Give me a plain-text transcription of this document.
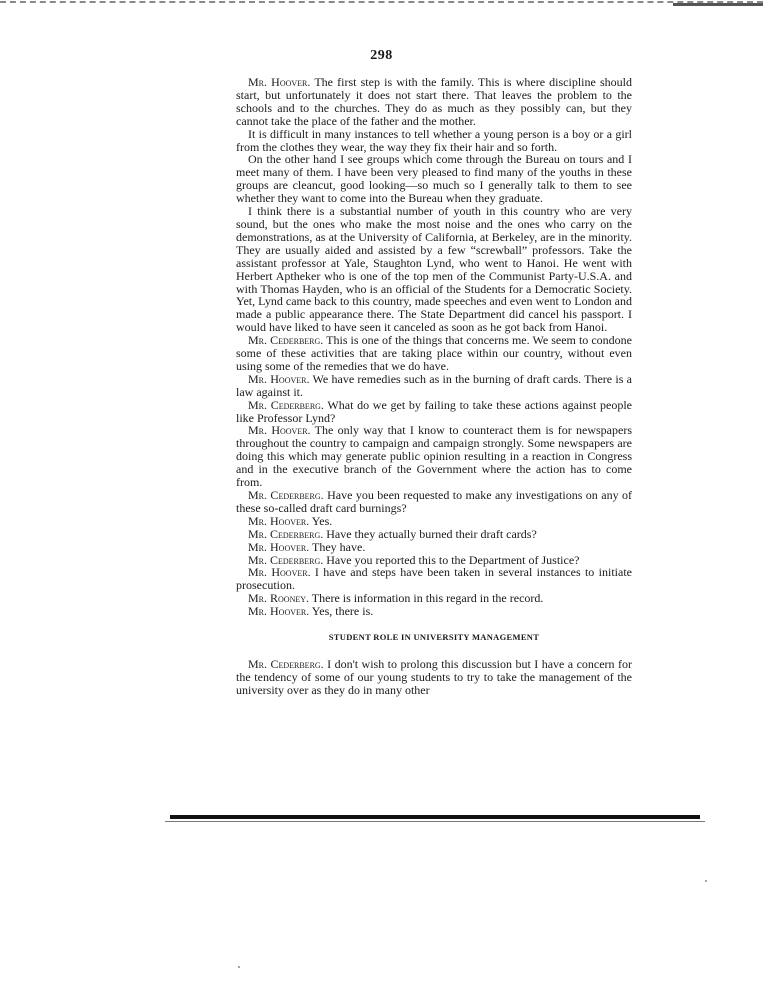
298

Mr. Hoover. The first step is with the family. This is where discipline should start, but unfortunately it does not start there. That leaves the problem to the schools and to the churches. They do as much as they possibly can, but they cannot take the place of the father and the mother.

It is difficult in many instances to tell whether a young person is a boy or a girl from the clothes they wear, the way they fix their hair and so forth.

On the other hand I see groups which come through the Bureau on tours and I meet many of them. I have been very pleased to find many of the youths in these groups are cleancut, good looking—so much so I generally talk to them to see whether they want to come into the Bureau when they graduate.

I think there is a substantial number of youth in this country who are very sound, but the ones who make the most noise and the ones who carry on the demonstrations, as at the University of California, at Berkeley, are in the minority. They are usually aided and assisted by a few “screwball” professors. Take the assistant professor at Yale, Staughton Lynd, who went to Hanoi. He went with Herbert Aptheker who is one of the top men of the Communist Party-U.S.A. and with Thomas Hayden, who is an official of the Students for a Democratic Society. Yet, Lynd came back to this country, made speeches and even went to London and made a public appearance there. The State Department did cancel his passport. I would have liked to have seen it canceled as soon as he got back from Hanoi.

Mr. Cederberg. This is one of the things that concerns me. We seem to condone some of these activities that are taking place within our country, without even using some of the remedies that we do have.

Mr. Hoover. We have remedies such as in the burning of draft cards. There is a law against it.

Mr. Cederberg. What do we get by failing to take these actions against people like Professor Lynd?

Mr. Hoover. The only way that I know to counteract them is for newspapers throughout the country to campaign and campaign strongly. Some newspapers are doing this which may generate public opinion resulting in a reaction in Congress and in the executive branch of the Government where the action has to come from.

Mr. Cederberg. Have you been requested to make any investigations on any of these so-called draft card burnings?

Mr. Hoover. Yes.

Mr. Cederberg. Have they actually burned their draft cards?

Mr. Hoover. They have.

Mr. Cederberg. Have you reported this to the Department of Justice?

Mr. Hoover. I have and steps have been taken in several instances to initiate prosecution.

Mr. Rooney. There is information in this regard in the record.

Mr. Hoover. Yes, there is.

STUDENT ROLE IN UNIVERSITY MANAGEMENT

Mr. Cederberg. I don't wish to prolong this discussion but I have a concern for the tendency of some of our young students to try to take the management of the university over as they do in many other
